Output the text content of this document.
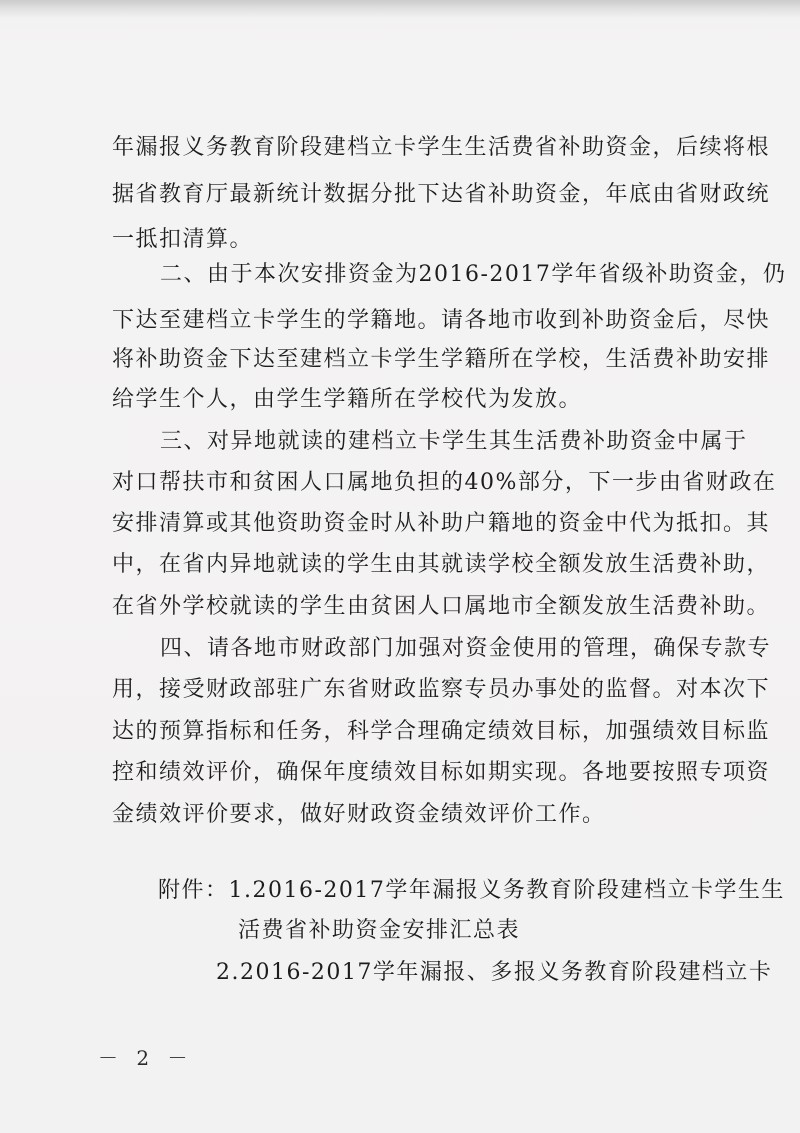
年漏报义务教育阶段建档立卡学生生活费省补助资金，后续将根
据省教育厅最新统计数据分批下达省补助资金，年底由省财政统
一抵扣清算。
二、由于本次安排资金为2016-2017学年省级补助资金，仍
下达至建档立卡学生的学籍地。请各地市收到补助资金后，尽快
将补助资金下达至建档立卡学生学籍所在学校，生活费补助安排
给学生个人，由学生学籍所在学校代为发放。
三、对异地就读的建档立卡学生其生活费补助资金中属于
对口帮扶市和贫困人口属地负担的40%部分，下一步由省财政在
安排清算或其他资助资金时从补助户籍地的资金中代为抵扣。其
中，在省内异地就读的学生由其就读学校全额发放生活费补助，
在省外学校就读的学生由贫困人口属地市全额发放生活费补助。
四、请各地市财政部门加强对资金使用的管理，确保专款专
用，接受财政部驻广东省财政监察专员办事处的监督。对本次下
达的预算指标和任务，科学合理确定绩效目标，加强绩效目标监
控和绩效评价，确保年度绩效目标如期实现。各地要按照专项资
金绩效评价要求，做好财政资金绩效评价工作。
附件：1.2016-2017学年漏报义务教育阶段建档立卡学生生
活费省补助资金安排汇总表
2.2016-2017学年漏报、多报义务教育阶段建档立卡
－ 2 －
